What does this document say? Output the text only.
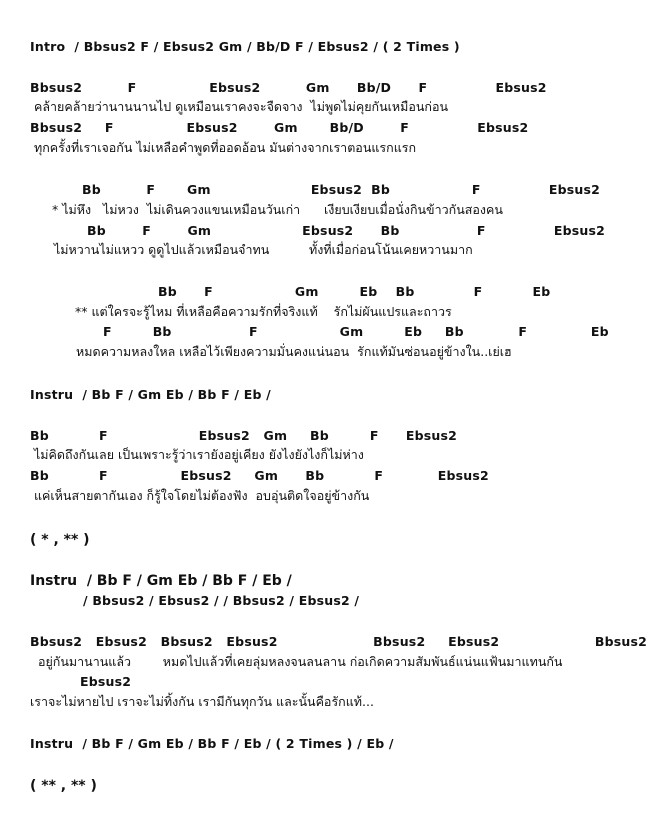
Intro  / Bbsus2 F / Ebsus2 Gm / Bb/D F / Ebsus2 / ( 2 Times )
Bbsus2          F                Ebsus2          Gm      Bb/D      F               Ebsus2
คล้ายคล้ายว่านานนานไป ดูเหมือนเราคงจะจืดจาง  ไม่พูดไม่คุยกันเหมือนก่อน
Bbsus2     F                Ebsus2        Gm       Bb/D        F               Ebsus2
ทุกครั้งที่เราเจอกัน ไม่เหลือคำพูดที่ออดอ้อน มันต่างจากเราตอนแรกแรก
Bb          F       Gm                      Ebsus2  Bb                  F               Ebsus2
* ไม่หึง   ไม่หวง  ไม่เดินควงแขนเหมือนวันเก่า      เงียบเงียบเมื่อนั่งกินข้าวกันสองคน
Bb        F        Gm                    Ebsus2      Bb                 F               Ebsus2
ไม่หวานไม่แหวว ดูดูไปแล้วเหมือนจำทน          ทั้งที่เมื่อก่อนโน้นเคยหวานมาก
Bb      F                  Gm         Eb    Bb             F           Eb
** แต่ใครจะรู้ไหม ที่เหลือคือความรักที่จริงแท้    รักไม่ผันแปรและถาวร
F         Bb                 F                  Gm         Eb     Bb            F              Eb
หมดความหลงใหล เหลือไว้เพียงความมั่นคงแน่นอน  รักแท้มันซ่อนอยู่ข้างใน..เย่เฮ
Instru  / Bb F / Gm Eb / Bb F / Eb /
Bb           F                    Ebsus2   Gm     Bb         F      Ebsus2
ไม่คิดถึงกันเลย เป็นเพราะรู้ว่าเรายังอยู่เคียง ยังไงยังไงก็ไม่ห่าง
Bb           F                Ebsus2     Gm      Bb           F            Ebsus2
แค่เห็นสายตากันเอง ก็รู้ใจโดยไม่ต้องฟัง  อบอุ่นติดใจอยู่ข้างกัน
( * , ** )
Instru  / Bb F / Gm Eb / Bb F / Eb /
/ Bbsus2 / Ebsus2 / / Bbsus2 / Ebsus2 /
Bbsus2   Ebsus2   Bbsus2   Ebsus2                     Bbsus2     Ebsus2                     Bbsus2
อยู่กันมานานแล้ว        หมดไปแล้วที่เคยลุ่มหลงจนลนลาน ก่อเกิดความสัมพันธ์แน่นแฟ้นมาแทนกัน
Ebsus2
เราจะไม่หายไป เราจะไม่ทิ้งกัน เรามีกันทุกวัน และนั้นคือรักแท้...
Instru  / Bb F / Gm Eb / Bb F / Eb / ( 2 Times ) / Eb /
( ** , ** )
